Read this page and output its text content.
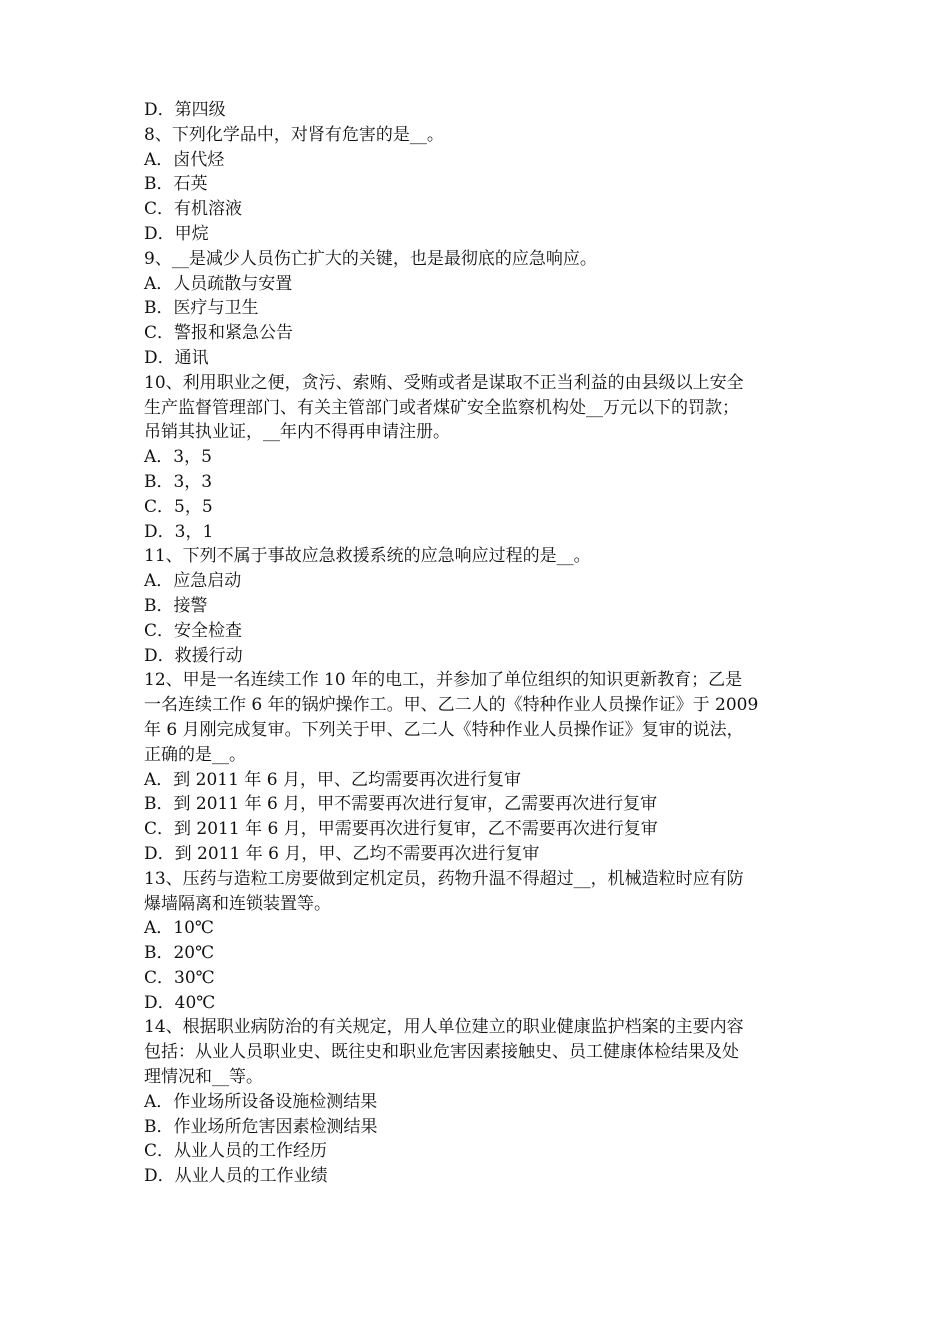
D．第四级

8、下列化学品中，对肾有危害的是__。

A．卤代烃

B．石英

C．有机溶液

D．甲烷

9、__是减少人员伤亡扩大的关键，也是最彻底的应急响应。

A．人员疏散与安置

B．医疗与卫生

C．警报和紧急公告

D．通讯

10、利用职业之便，贪污、索贿、受贿或者是谋取不正当利益的由县级以上安全

生产监督管理部门、有关主管部门或者煤矿安全监察机构处__万元以下的罚款；

吊销其执业证，__年内不得再申请注册。

A．3，5

B．3，3

C．5，5

D．3，1

11、下列不属于事故应急救援系统的应急响应过程的是__。

A．应急启动

B．接警

C．安全检查

D．救援行动

12、甲是一名连续工作 10 年的电工，并参加了单位组织的知识更新教育；乙是

一名连续工作 6 年的锅炉操作工。甲、乙二人的《特种作业人员操作证》于 2009

年 6 月刚完成复审。下列关于甲、乙二人《特种作业人员操作证》复审的说法，

正确的是__。

A．到 2011 年 6 月，甲、乙均需要再次进行复审

B．到 2011 年 6 月，甲不需要再次进行复审，乙需要再次进行复审

C．到 2011 年 6 月，甲需要再次进行复审，乙不需要再次进行复审

D．到 2011 年 6 月，甲、乙均不需要再次进行复审

13、压药与造粒工房要做到定机定员，药物升温不得超过__，机械造粒时应有防

爆墙隔离和连锁装置等。

A．10℃

B．20℃

C．30℃

D．40℃

14、根据职业病防治的有关规定，用人单位建立的职业健康监护档案的主要内容

包括：从业人员职业史、既往史和职业危害因素接触史、员工健康体检结果及处

理情况和__等。

A．作业场所设备设施检测结果

B．作业场所危害因素检测结果

C．从业人员的工作经历

D．从业人员的工作业绩
